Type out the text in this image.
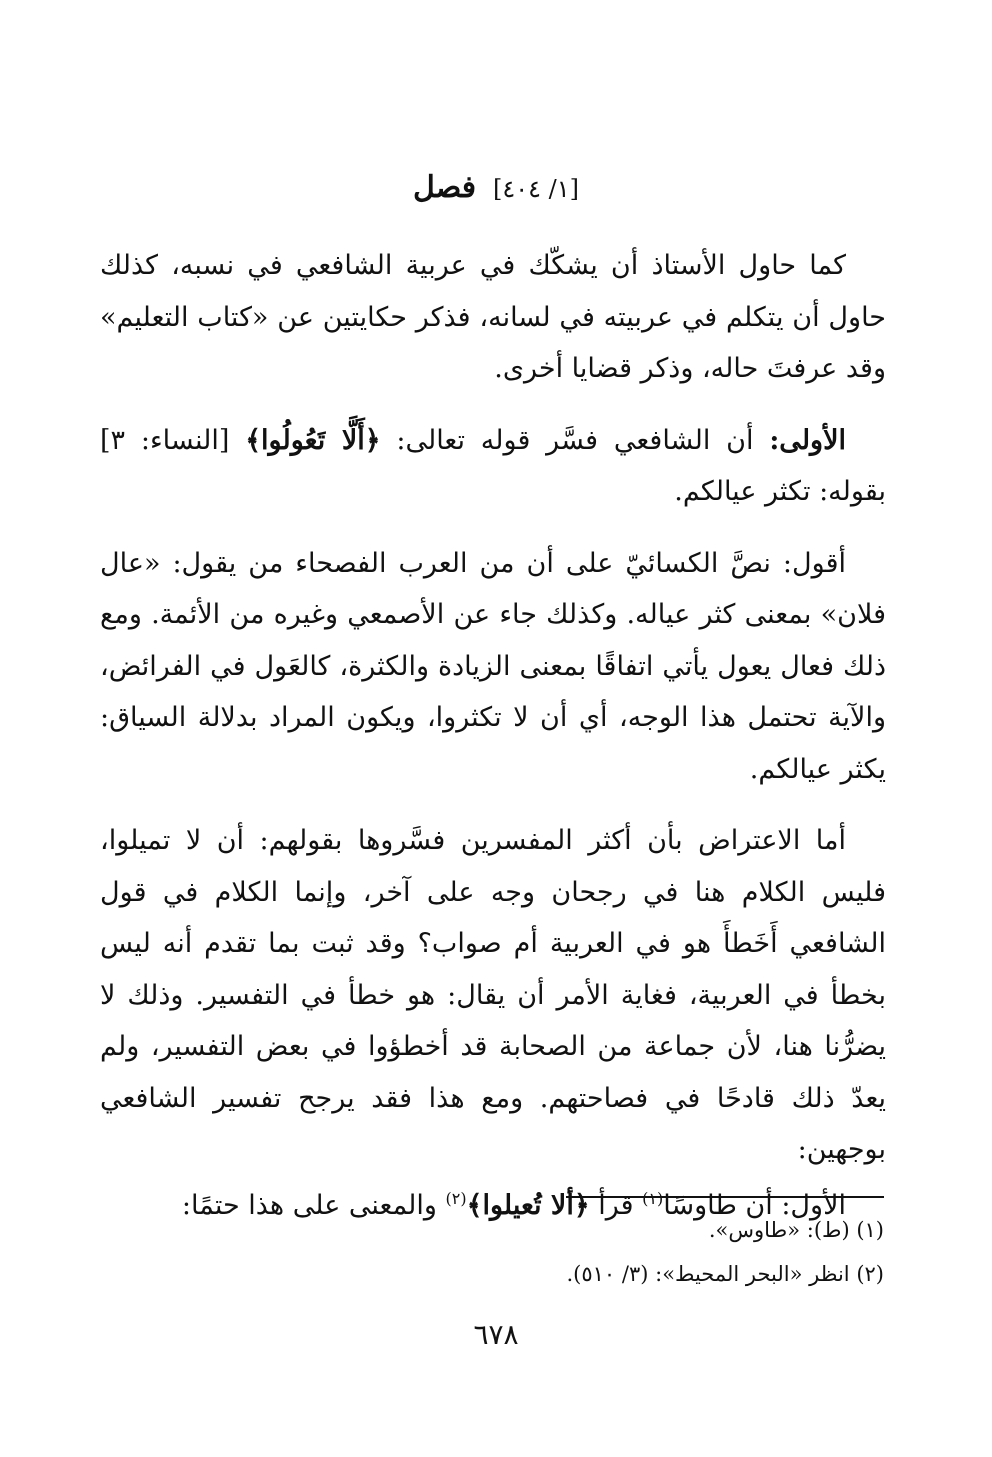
[١/ ٤٠٤] فصل

كما حاول الأستاذ أن يشكّك في عربية الشافعي في نسبه، كذلك حاول أن يتكلم في عربيته في لسانه، فذكر حكايتين عن «كتاب التعليم» وقد عرفتَ حاله، وذكر قضايا أخرى.

الأولى: أن الشافعي فسَّر قوله تعالى: ﴿أَلَّا تَعُولُوا﴾ [النساء: ٣] بقوله: تكثر عيالكم.

أقول: نصَّ الكسائيّ على أن من العرب الفصحاء من يقول: «عال فلان» بمعنى كثر عياله. وكذلك جاء عن الأصمعي وغيره من الأئمة. ومع ذلك فعال يعول يأتي اتفاقًا بمعنى الزيادة والكثرة، كالعَول في الفرائض، والآية تحتمل هذا الوجه، أي أن لا تكثروا، ويكون المراد بدلالة السياق: يكثر عيالكم.

أما الاعتراض بأن أكثر المفسرين فسَّروها بقولهم: أن لا تميلوا، فليس الكلام هنا في رجحان وجه على آخر، وإنما الكلام في قول الشافعي أَخَطأَ هو في العربية أم صواب؟ وقد ثبت بما تقدم أنه ليس بخطأ في العربية، فغاية الأمر أن يقال: هو خطأ في التفسير. وذلك لا يضرُّنا هنا، لأن جماعة من الصحابة قد أخطؤوا في بعض التفسير، ولم يعدّ ذلك قادحًا في فصاحتهم. ومع هذا فقد يرجح تفسير الشافعي بوجهين:

الأول: أن طاوسًا$^{(١)}$ قرأ ﴿ألا تُعيلوا﴾$^{(٢)}$ والمعنى على هذا حتمًا:

(١) (ط): «طاوس».
(٢) انظر «البحر المحيط»: (٣/ ٥١٠).
٦٧٨
